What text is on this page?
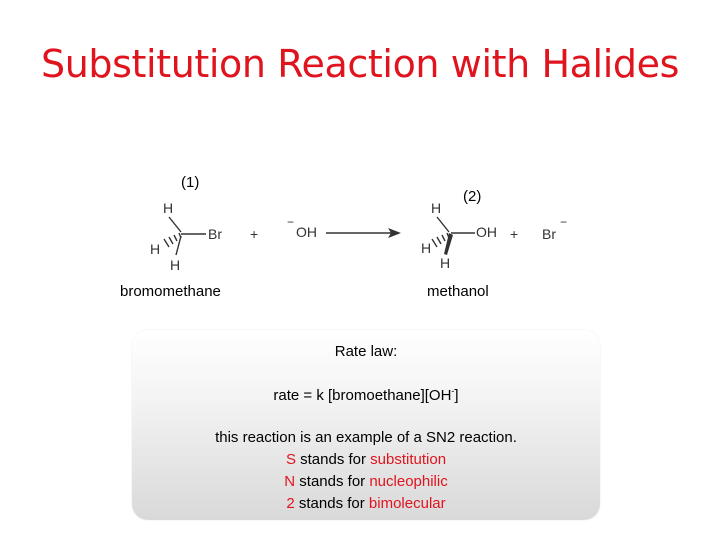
Substitution Reaction with Halides
(1)
(2)
H
H
H
Br +
−
OH
H
H
H
OH + Br
−
bromomethane	methanol
Rate law:
rate = k [bromoethane][OH-]
this reaction is an example of a SN2 reaction.
S stands for substitution
N stands for nucleophilic
2 stands for bimolecular
